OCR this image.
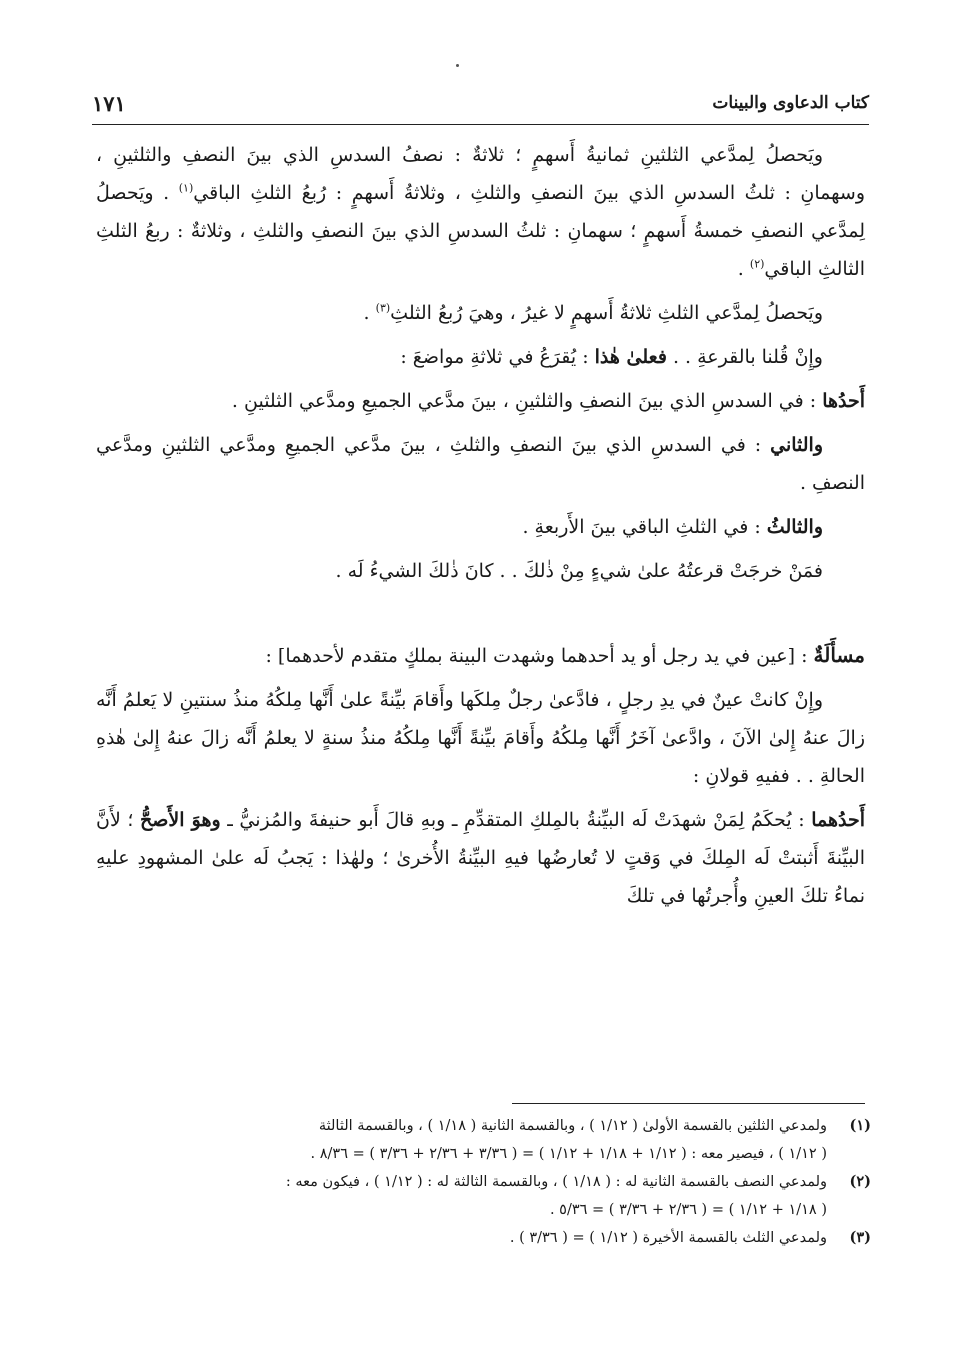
كتاب الدعاوى والبينات
١٧١

ويَحصلُ لِمدَّعي الثلثينِ ثمانيةُ أَسهمٍ ؛ ثلاثةٌ : نصفُ السدسِ الذي بينَ النصفِ والثلثينِ ، وسهمانِ : ثلثُ السدسِ الذي بينَ النصفِ والثلثِ ، وثلاثةُ أَسهمٍ : رُبعُ الثلثِ الباقي$^{(١)}$ . ويَحصلُ لِمدَّعي النصفِ خمسةُ أَسهمٍ ؛ سهمانِ : ثلثُ السدسِ الذي بينَ النصفِ والثلثِ ، وثلاثةٌ : ربعُ الثلثِ الثالثِ الباقي$^{(٢)}$ .

ويَحصلُ لِمدَّعي الثلثِ ثلاثةُ أَسهمٍ لا غيرُ ، وهيَ رُبعُ الثلثِ$^{(٣)}$ .

وإِنْ قُلنا بالقرعةِ . . فعلىٰ هٰذا : يُقرَعُ في ثلاثةِ مواضعَ :

أَحدُها : في السدسِ الذي بينَ النصفِ والثلثينِ ، بينَ مدَّعي الجميعِ ومدَّعي الثلثينِ .

والثاني : في السدسِ الذي بينَ النصفِ والثلثِ ، بينَ مدَّعي الجميعِ ومدَّعي الثلثينِ ومدَّعي النصفِ .

والثالثُ : في الثلثِ الباقي بينَ الأَربعةِ .

فمَنْ خرجَتْ قرعتُهُ علىٰ شيءٍ مِنْ ذٰلكَ . . كانَ ذٰلكَ الشيءُ لَه .

مسأَلَةٌ : [عين في يد رجل أو يد أحدهما وشهدت البينة بملكٍ متقدم لأحدهما] :

وإِنْ كانتْ عينٌ في يدِ رجلٍ ، فادَّعىٰ رجلٌ مِلكَها وأَقامَ بيِّنةً علىٰ أَنَّها مِلكُهُ منذُ سنتينِ لا يَعلمُ أَنَّه زالَ عنهُ إِلىٰ الآنَ ، وادَّعىٰ آخَرُ أَنَّها مِلكُهُ وأَقامَ بيِّنةً أَنَّها مِلكُهُ منذُ سنةٍ لا يعلمُ أَنَّه زالَ عنهُ إِلىٰ هٰذهِ الحالةِ . . ففيهِ قولانِ :

أَحدُهما : يُحكَمُ لِمَنْ شهدَتْ لَه البيِّنةُ بالمِلكِ المتقدِّمِ ـ وبهِ قالَ أَبو حنيفةَ والمُزنيُّ ـ وهوَ الأَصحُّ ؛ لأَنَّ البيِّنةَ أَثبتتْ لَه المِلكَ في وَقتٍ لا تُعارضُها فيهِ البيِّنةُ الأُخرىٰ ؛ ولهٰذا : يَجبُ لَه علىٰ المشهودِ عليهِ نماءُ تلكَ العينِ وأُجرتُها في تلكَ

(١)
ولمدعي الثلثين بالقسمة الأولىٰ ( ١/١٢ ) ، وبالقسمة الثانية ( ١/١٨ ) ، وبالقسمة الثالثة
( ١/١٢ ) ، فيصير معه : ( ١/١٢ + ١/١٨ + ١/١٢ ) = ( ٣/٣٦ + ٢/٣٦ + ٣/٣٦ ) = ٨/٣٦ .
(٢)
ولمدعي النصف بالقسمة الثانية له : ( ١/١٨ ) ، وبالقسمة الثالثة له : ( ١/١٢ ) ، فيكون معه :
( ١/١٨ + ١/١٢ ) = ( ٢/٣٦ + ٣/٣٦ ) = ٥/٣٦ .
(٣)
ولمدعي الثلث بالقسمة الأخيرة ( ١/١٢ ) = ( ٣/٣٦ ) .
